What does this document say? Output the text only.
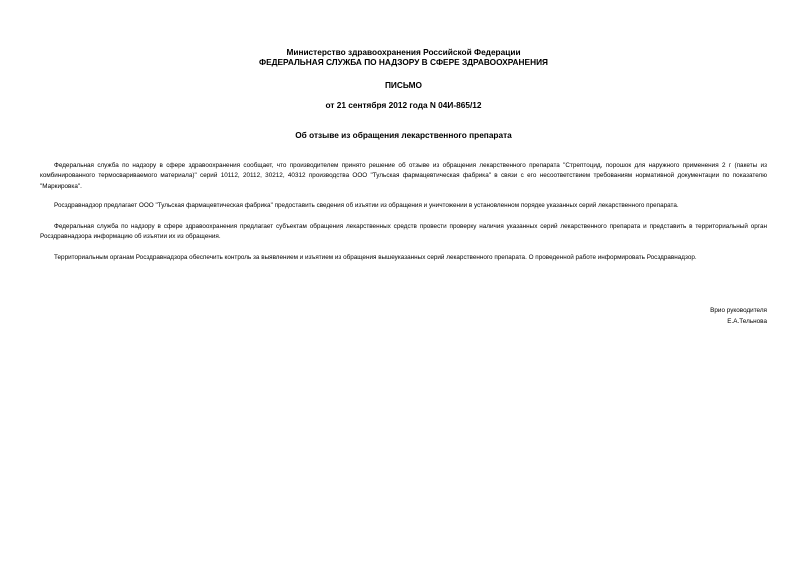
Министерство здравоохранения Российской Федерации
ФЕДЕРАЛЬНАЯ СЛУЖБА ПО НАДЗОРУ В СФЕРЕ ЗДРАВООХРАНЕНИЯ
ПИСЬМО
от 21 сентября 2012 года N 04И-865/12
Об отзыве из обращения лекарственного препарата

Федеральная служба по надзору в сфере здравоохранения сообщает, что производителем принято решение об отзыве из обращения лекарственного препарата "Стрептоцид, порошок для наружного применения 2 г (пакеты из комбинированного термосвариваемого материала)" серий 10112, 20112, 30212, 40312 производства ООО "Тульская фармацевтическая фабрика" в связи с его несоответствием требованиям нормативной документации по показателю "Маркировка".

Росздравнадзор предлагает ООО "Тульская фармацевтическая фабрика" предоставить сведения об изъятии из обращения и уничтожении в установленном порядке указанных серий лекарственного препарата.

Федеральная служба по надзору в сфере здравоохранения предлагает субъектам обращения лекарственных средств провести проверку наличия указанных серий лекарственного препарата и представить в территориальный орган Росздравнадзора информацию об изъятии их из обращения.

Территориальным органам Росздравнадзора обеспечить контроль за выявлением и изъятием из обращения вышеуказанных серий лекарственного препарата. О проведенной работе информировать Росздравнадзор.

Врио руководителя
Е.А.Тельнова
